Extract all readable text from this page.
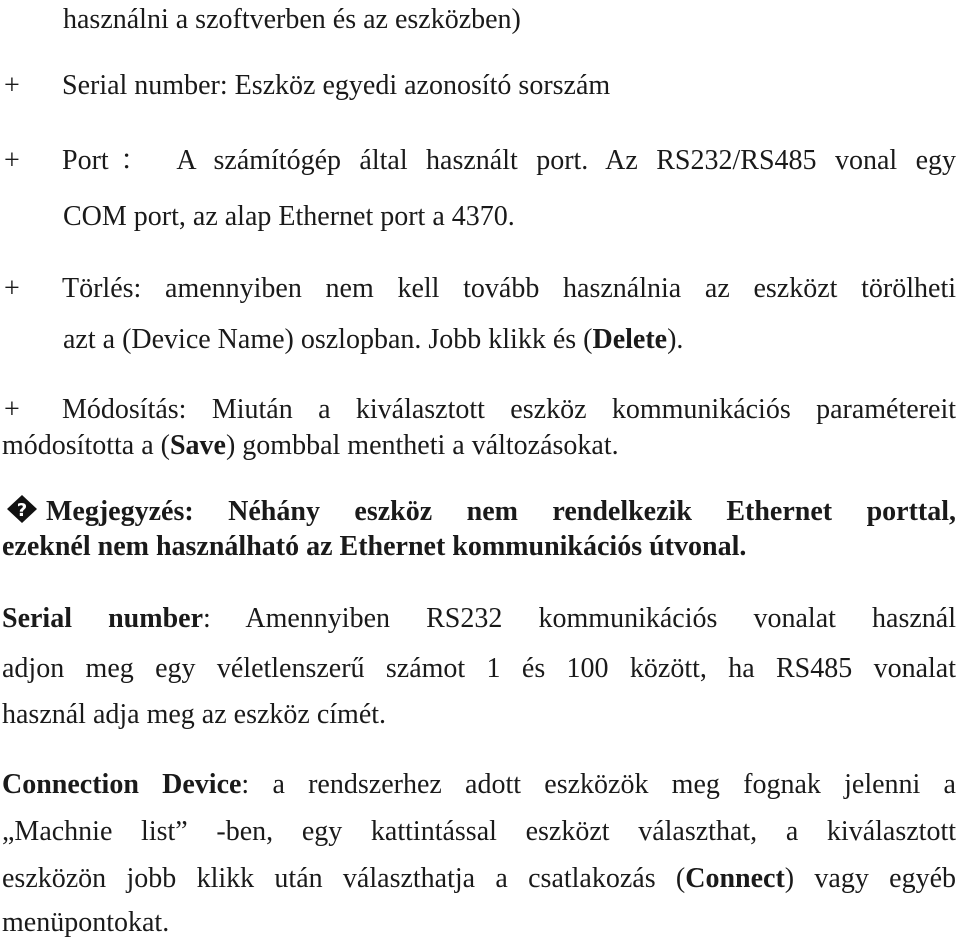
használni a szoftverben és az eszközben)
+ Serial number: Eszköz egyedi azonosító sorszám
+ Port： A számítógép által használt port. Az RS232/RS485 vonal egy
COM port, az alap Ethernet port a 4370.
+ Törlés: amennyiben nem kell tovább használnia az eszközt törölheti
azt a (Device Name) oszlopban. Jobb klikk és (Delete).
+ Módosítás: Miután a kiválasztott eszköz kommunikációs paramétereit
módosította a (Save) gombbal mentheti a változásokat.
? Megjegyzés: Néhány eszköz nem rendelkezik Ethernet porttal,
ezeknél nem használható az Ethernet kommunikációs útvonal.
Serial number: Amennyiben RS232 kommunikációs vonalat használ
adjon meg egy véletlenszerű számot 1 és 100 között, ha RS485 vonalat
használ adja meg az eszköz címét.
Connection Device: a rendszerhez adott eszközök meg fognak jelenni a
„Machnie list” -ben, egy kattintással eszközt választhat, a kiválasztott
eszközön jobb klikk után választhatja a csatlakozás (Connect) vagy egyéb
menüpontokat.
